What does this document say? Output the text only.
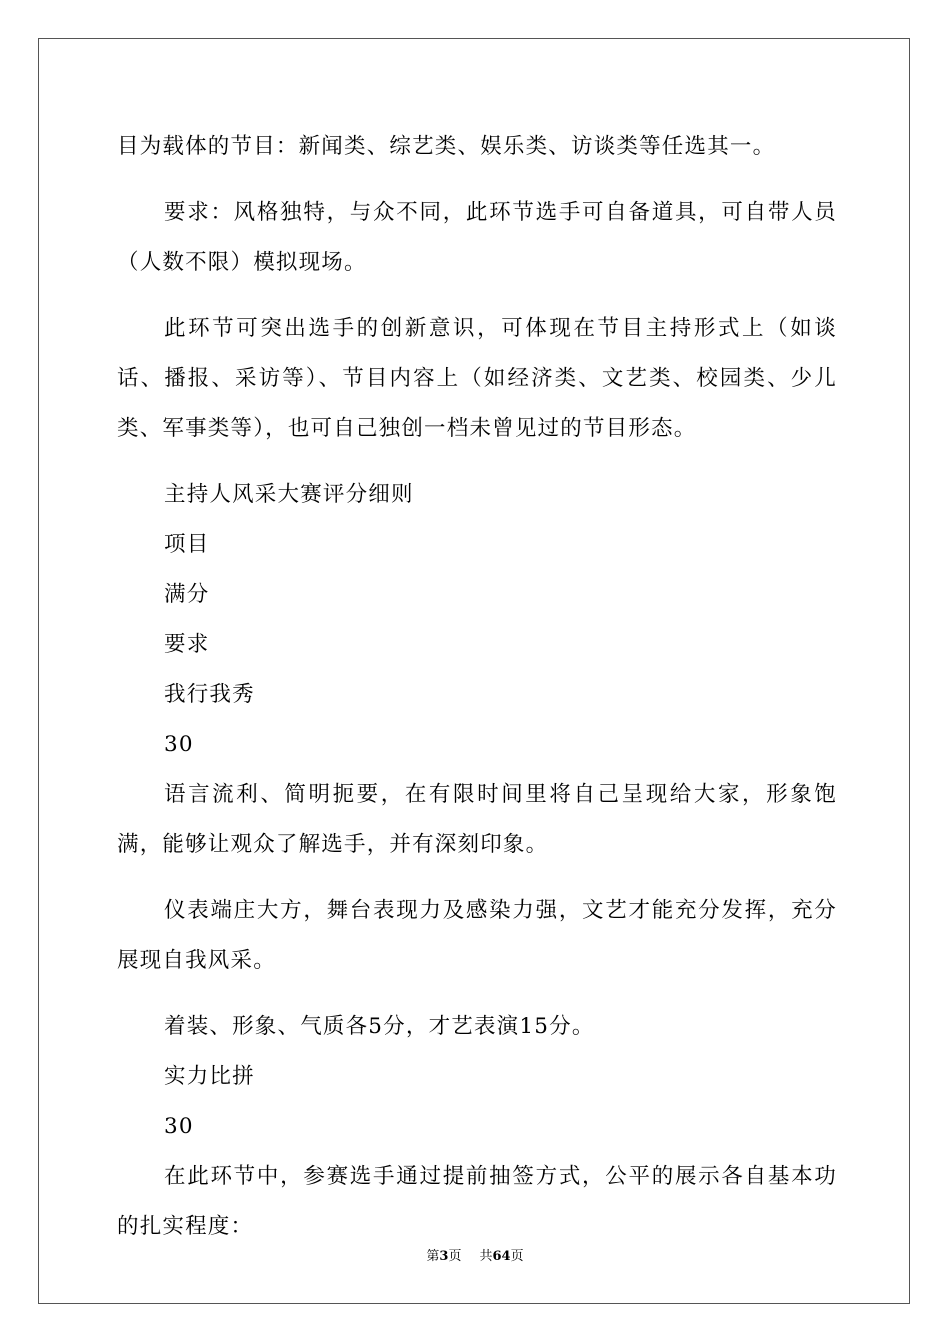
目为载体的节目：新闻类、综艺类、娱乐类、访谈类等任选其一。

要求：风格独特，与众不同，此环节选手可自备道具，可自带人员（人数不限）模拟现场。

此环节可突出选手的创新意识，可体现在节目主持形式上（如谈话、播报、采访等）、节目内容上（如经济类、文艺类、校园类、少儿类、军事类等），也可自己独创一档未曾见过的节目形态。

主持人风采大赛评分细则

项目

满分

要求

我行我秀

30

语言流利、简明扼要，在有限时间里将自己呈现给大家，形象饱满，能够让观众了解选手，并有深刻印象。

仪表端庄大方，舞台表现力及感染力强，文艺才能充分发挥，充分展现自我风采。

着装、形象、气质各5分，才艺表演15分。

实力比拼

30

在此环节中，参赛选手通过提前抽签方式，公平的展示各自基本功的扎实程度：

第3页 共64页
